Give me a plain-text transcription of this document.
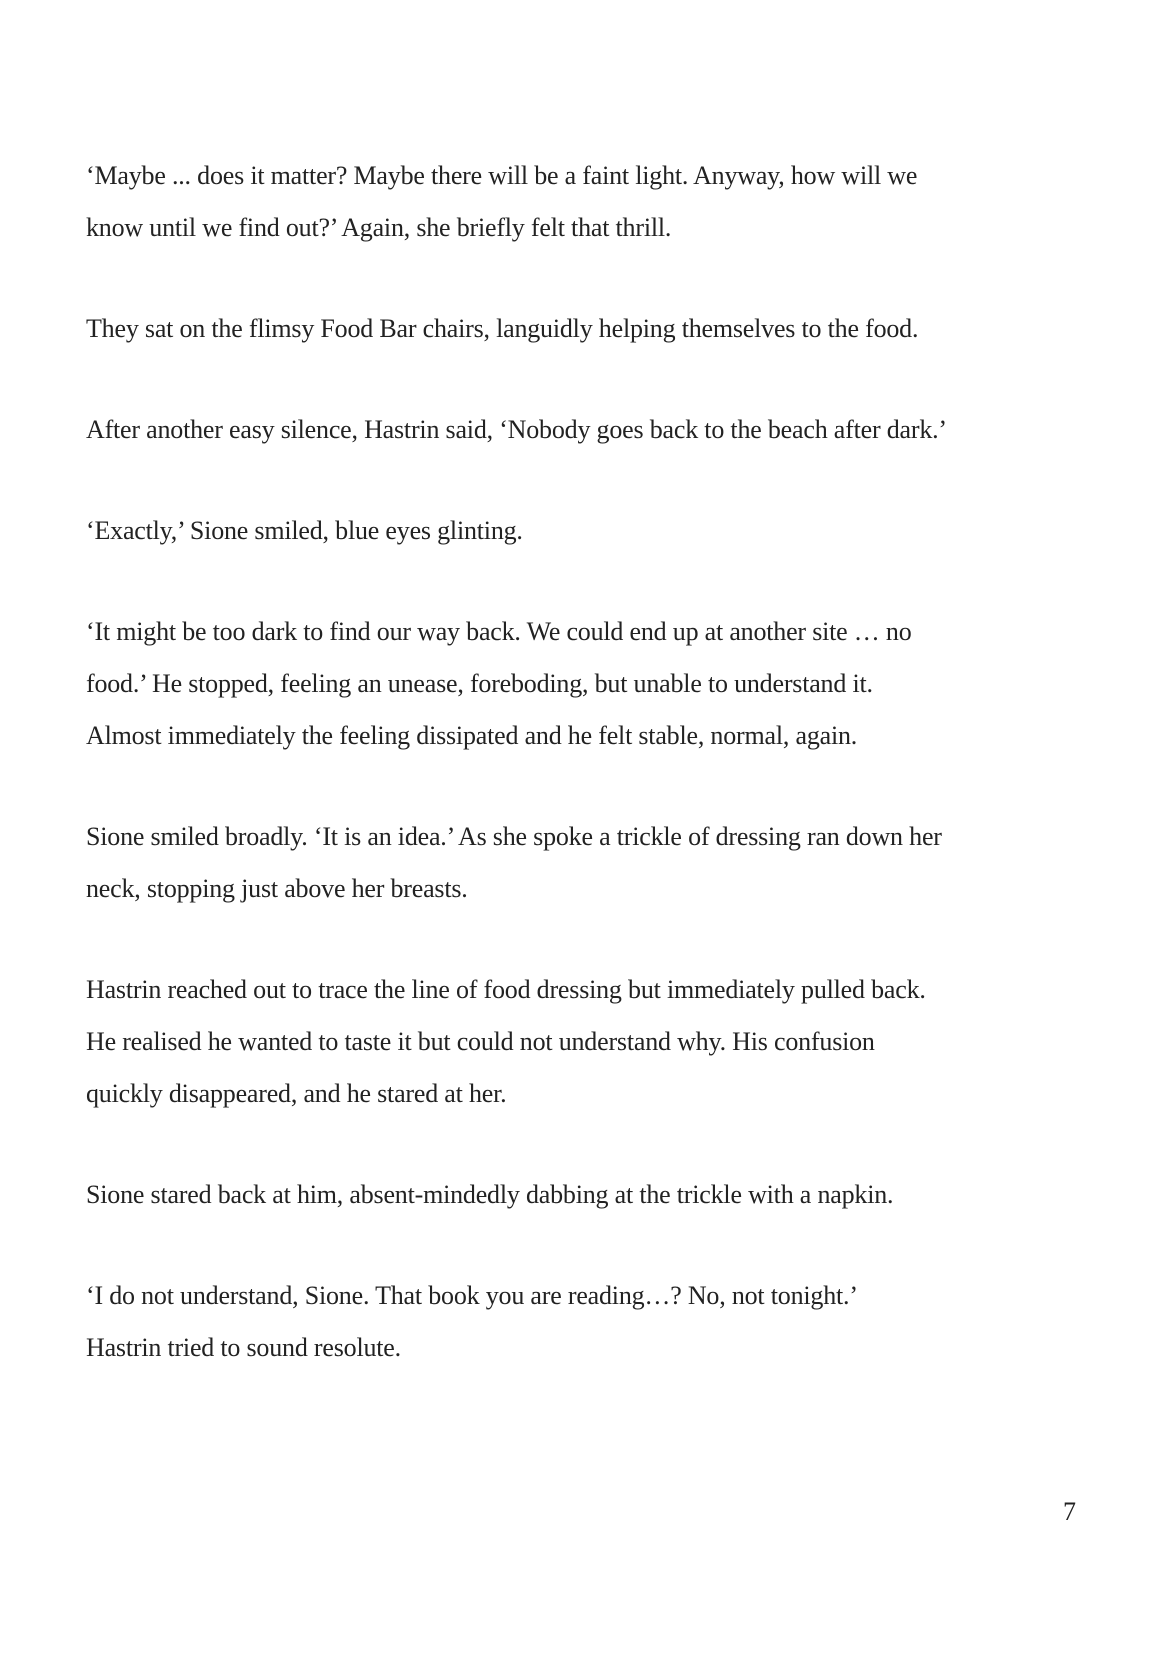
‘Maybe ... does it matter? Maybe there will be a faint light. Anyway, how will we
know until we find out?’ Again, she briefly felt that thrill.

They sat on the flimsy Food Bar chairs, languidly helping themselves to the food.

After another easy silence, Hastrin said, ‘Nobody goes back to the beach after dark.’

‘Exactly,’ Sione smiled, blue eyes glinting.

‘It might be too dark to find our way back. We could end up at another site … no
food.’ He stopped, feeling an unease, foreboding, but unable to understand it.
Almost immediately the feeling dissipated and he felt stable, normal, again.

Sione smiled broadly. ‘It is an idea.’ As she spoke a trickle of dressing ran down her
neck, stopping just above her breasts.

Hastrin reached out to trace the line of food dressing but immediately pulled back.
He realised he wanted to taste it but could not understand why. His confusion
quickly disappeared, and he stared at her.

Sione stared back at him, absent-mindedly dabbing at the trickle with a napkin.

‘I do not understand, Sione. That book you are reading…? No, not tonight.’
Hastrin tried to sound resolute.

7
